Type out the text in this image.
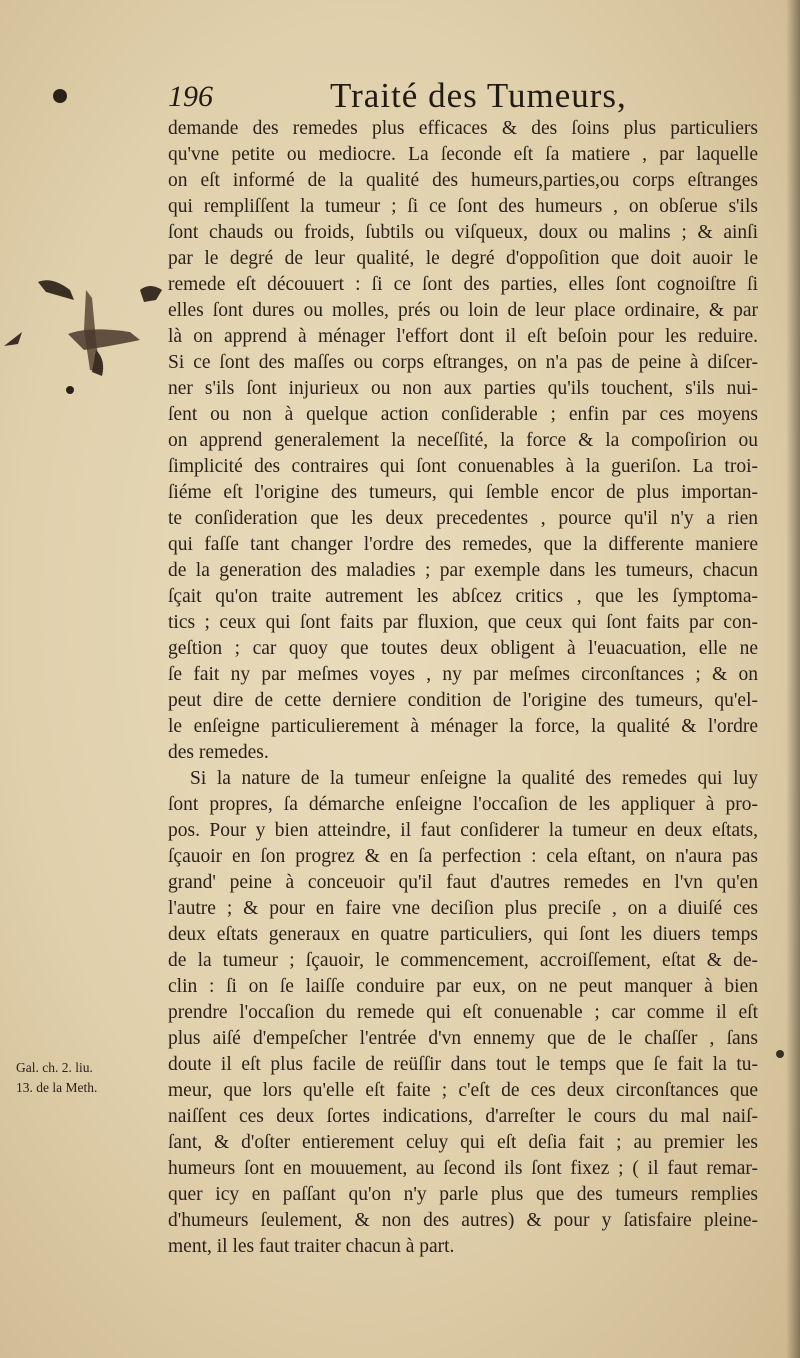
196	Traité des Tumeurs,
demande des remedes plus efficaces & des ſoins plus particuliers
qu'vne petite ou mediocre. La ſeconde eſt ſa matiere , par laquelle
on eſt informé de la qualité des humeurs,parties,ou corps eſtranges
qui rempliſſent la tumeur ; ſi ce ſont des humeurs , on obſerue s'ils
ſont chauds ou froids, ſubtils ou viſqueux, doux ou malins ; & ainſi
par le degré de leur qualité, le degré d'oppoſition que doit auoir le
remede eſt découuert : ſi ce ſont des parties, elles ſont cognoiſtre ſi
elles ſont dures ou molles, prés ou loin de leur place ordinaire, & par
là on apprend à ménager l'effort dont il eſt beſoin pour les reduire.
Si ce ſont des maſſes ou corps eſtranges, on n'a pas de peine à diſcer-
ner s'ils ſont injurieux ou non aux parties qu'ils touchent, s'ils nui-
ſent ou non à quelque action conſiderable ; enfin par ces moyens
on apprend generalement la neceſſité, la force & la compoſirion ou
ſimplicité des contraires qui ſont conuenables à la gueriſon. La troi-
ſiéme eſt l'origine des tumeurs, qui ſemble encor de plus importan-
te conſideration que les deux precedentes , pource qu'il n'y a rien
qui faſſe tant changer l'ordre des remedes, que la differente maniere
de la generation des maladies ; par exemple dans les tumeurs, chacun
ſçait qu'on traite autrement les abſcez critics , que les ſymptoma-
tics ; ceux qui ſont faits par fluxion, que ceux qui ſont faits par con-
geſtion ; car quoy que toutes deux obligent à l'euacuation, elle ne
ſe fait ny par meſmes voyes , ny par meſmes circonſtances ; & on
peut dire de cette derniere condition de l'origine des tumeurs, qu'el-
le enſeigne particulierement à ménager la force, la qualité & l'ordre
des remedes.
Si la nature de la tumeur enſeigne la qualité des remedes qui luy
ſont propres, ſa démarche enſeigne l'occaſion de les appliquer à pro-
pos. Pour y bien atteindre, il faut conſiderer la tumeur en deux eſtats,
ſçauoir en ſon progrez & en ſa perfection : cela eſtant, on n'aura pas
grand' peine à conceuoir qu'il faut d'autres remedes en l'vn qu'en
l'autre ; & pour en faire vne deciſion plus preciſe , on a diuiſé ces
deux eſtats generaux en quatre particuliers, qui ſont les diuers temps
de la tumeur ; ſçauoir, le commencement, accroiſſement, eſtat & de-
clin : ſi on ſe laiſſe conduire par eux, on ne peut manquer à bien
prendre l'occaſion du remede qui eſt conuenable ; car comme il eſt
plus aiſé d'empeſcher l'entrée d'vn ennemy que de le chaſſer , ſans
doute il eſt plus facile de reüſſir dans tout le temps que ſe fait la tu-
meur, que lors qu'elle eſt faite ; c'eſt de ces deux circonſtances que
naiſſent ces deux ſortes indications, d'arreſter le cours du mal naiſ-
ſant, & d'oſter entierement celuy qui eſt deſia fait ; au premier les
humeurs ſont en mouuement, au ſecond ils ſont fixez ; ( il faut remar-
quer icy en paſſant qu'on n'y parle plus que des tumeurs remplies
d'humeurs ſeulement, & non des autres) & pour y ſatisfaire pleine-
ment, il les faut traiter chacun à part.
Gal. ch. 2. liu.
13. de la Meth.
